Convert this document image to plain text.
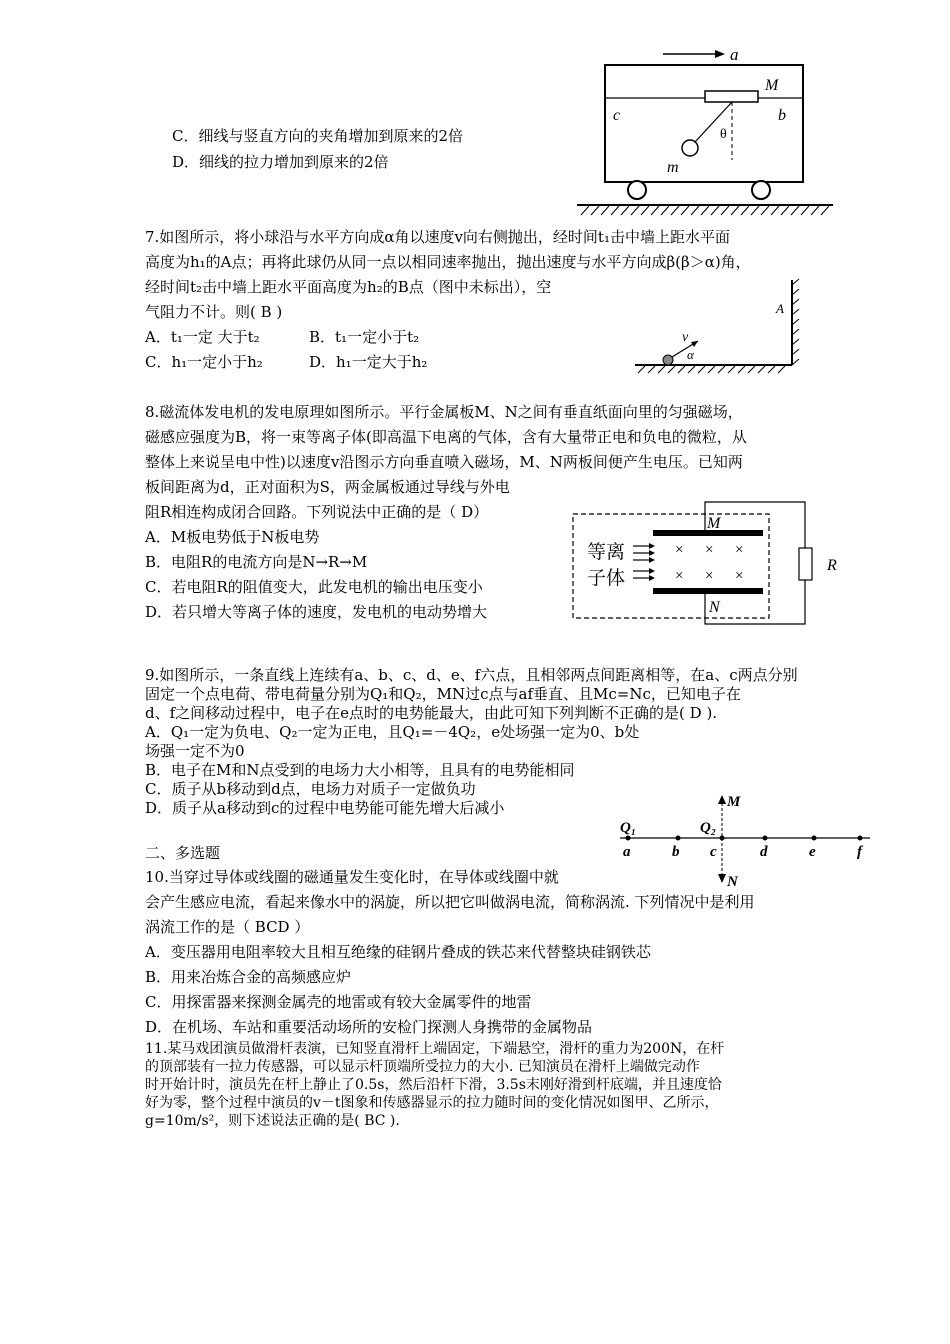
C．细线与竖直方向的夹角增加到原来的2倍
D．细线的拉力增加到原来的2倍
a
M
c	b
θ
m
7.如图所示，将小球沿与水平方向成α角以速度v向右侧抛出，经时间t₁击中墙上距水平面
高度为h₁的A点；再将此球仍从同一点以相同速率抛出，抛出速度与水平方向成β(β＞α)角，
经时间t₂击中墙上距水平面高度为h₂的B点（图中未标出），空
气阻力不计。则( B )
A．t₁一定 大于t₂	B．t₁一定小于t₂
C．h₁一定小于h₂	D．h₁一定大于h₂
A
v
α
8.磁流体发电机的发电原理如图所示。平行金属板M、N之间有垂直纸面向里的匀强磁场，
磁感应强度为B，将一束等离子体(即高温下电离的气体，含有大量带正电和负电的微粒，从
整体上来说呈电中性)以速度v沿图示方向垂直喷入磁场，M、N两板间便产生电压。已知两
板间距离为d，正对面积为S，两金属板通过导线与外电
阻R相连构成闭合回路。下列说法中正确的是（ D）
A．M板电势低于N板电势
B．电阻R的电流方向是N→R→M
C．若电阻R的阻值变大，此发电机的输出电压变小
D．若只增大等离子体的速度，发电机的电动势增大
M
N
R
等离
子体
× × ×
× × ×
9.如图所示，一条直线上连续有a、b、c、d、e、f六点，且相邻两点间距离相等，在a、c两点分别
固定一个点电荷、带电荷量分别为Q₁和Q₂，MN过c点与af垂直、且Mc=Nc，已知电子在
d、f之间移动过程中，电子在e点时的电势能最大，由此可知下列判断不正确的是( D ).
A．Q₁一定为负电、Q₂一定为正电，且Q₁=－4Q₂，e处场强一定为0、b处
场强一定不为0
B．电子在M和N点受到的电场力大小相等，且具有的电势能相同
C．质子从b移动到d点，电场力对质子一定做负功
D．质子从a移动到c的过程中电势能可能先增大后减小	M
N
Q₁	Q₂
a	b c	d	e	f
二、多选题
10.当穿过导体或线圈的磁通量发生变化时，在导体或线圈中就
会产生感应电流，看起来像水中的涡旋，所以把它叫做涡电流，简称涡流. 下列情况中是利用
涡流工作的是（ BCD ）
A．变压器用电阻率较大且相互绝缘的硅钢片叠成的铁芯来代替整块硅钢铁芯
B．用来冶炼合金的高频感应炉
C．用探雷器来探测金属壳的地雷或有较大金属零件的地雷
D．在机场、车站和重要活动场所的安检门探测人身携带的金属物品
11.某马戏团演员做滑杆表演，已知竖直滑杆上端固定，下端悬空，滑杆的重力为200N，在杆
的顶部装有一拉力传感器，可以显示杆顶端所受拉力的大小. 已知演员在滑杆上端做完动作
时开始计时，演员先在杆上静止了0.5s，然后沿杆下滑，3.5s末刚好滑到杆底端，并且速度恰
好为零，整个过程中演员的v－t图象和传感器显示的拉力随时间的变化情况如图甲、乙所示，
g=10m/s²，则下述说法正确的是( BC ).
